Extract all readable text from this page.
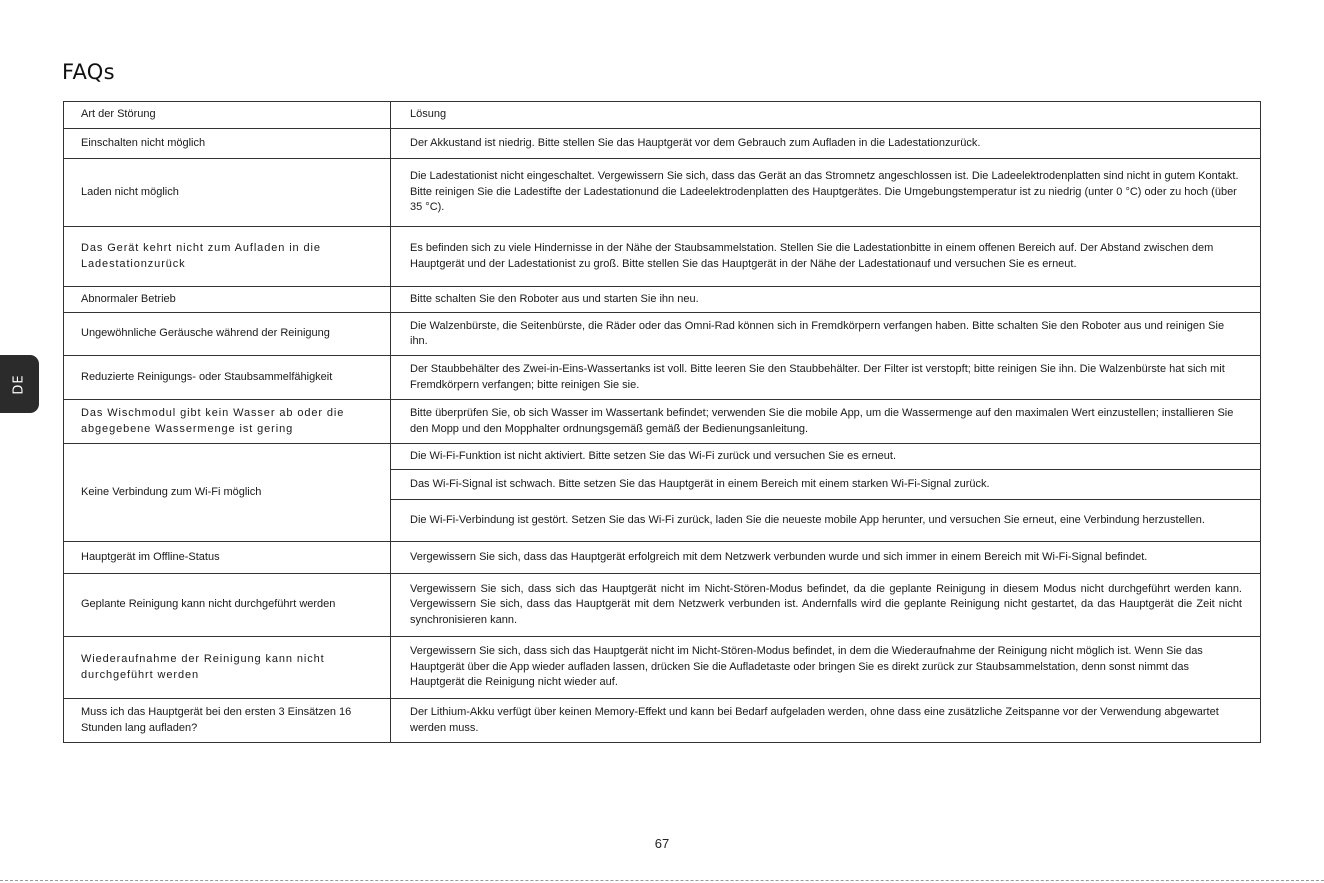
FAQs
DE
Art der Störung	Lösung
Einschalten nicht möglich	Der Akkustand ist niedrig. Bitte stellen Sie das Hauptgerät vor dem Gebrauch zum Aufladen in die Ladestationzurück.
Laden nicht möglich	Die Ladestationist nicht eingeschaltet. Vergewissern Sie sich, dass das Gerät an das Stromnetz angeschlossen ist. Die Ladeelektrodenplatten sind nicht in gutem Kontakt. Bitte reinigen Sie die Ladestifte der Ladestationund die Ladeelektrodenplatten des Hauptgerätes. Die Umgebungstemperatur ist zu niedrig (unter 0 °C) oder zu hoch (über 35 °C).
Das Gerät kehrt nicht zum Aufladen in die Ladestationzurück	Es befinden sich zu viele Hindernisse in der Nähe der Staubsammelstation. Stellen Sie die Ladestationbitte in einem offenen Bereich auf. Der Abstand zwischen dem Hauptgerät und der Ladestationist zu groß. Bitte stellen Sie das Hauptgerät in der Nähe der Ladestationauf und versuchen Sie es erneut.
Abnormaler Betrieb	Bitte schalten Sie den Roboter aus und starten Sie ihn neu.
Ungewöhnliche Geräusche während der Reinigung	Die Walzenbürste, die Seitenbürste, die Räder oder das Omni-Rad können sich in Fremdkörpern verfangen haben. Bitte schalten Sie den Roboter aus und reinigen Sie ihn.
Reduzierte Reinigungs- oder Staubsammelfähigkeit	Der Staubbehälter des Zwei-in-Eins-Wassertanks ist voll. Bitte leeren Sie den Staubbehälter. Der Filter ist verstopft; bitte reinigen Sie ihn. Die Walzenbürste hat sich mit Fremdkörpern verfangen; bitte reinigen Sie sie.
Das Wischmodul gibt kein Wasser ab oder die abgegebene Wassermenge ist gering	Bitte überprüfen Sie, ob sich Wasser im Wassertank befindet; verwenden Sie die mobile App, um die Wassermenge auf den maximalen Wert einzustellen; installieren Sie den Mopp und den Mopphalter ordnungsgemäß gemäß der Bedienungsanleitung.
Keine Verbindung zum Wi-Fi möglich	Die Wi-Fi-Funktion ist nicht aktiviert. Bitte setzen Sie das Wi-Fi zurück und versuchen Sie es erneut.
	Das Wi-Fi-Signal ist schwach. Bitte setzen Sie das Hauptgerät in einem Bereich mit einem starken Wi-Fi-Signal zurück.
	Die Wi-Fi-Verbindung ist gestört. Setzen Sie das Wi-Fi zurück, laden Sie die neueste mobile App herunter, und versuchen Sie erneut, eine Verbindung herzustellen.
Hauptgerät im Offline-Status	Vergewissern Sie sich, dass das Hauptgerät erfolgreich mit dem Netzwerk verbunden wurde und sich immer in einem Bereich mit Wi-Fi-Signal befindet.
Geplante Reinigung kann nicht durchgeführt werden	Vergewissern Sie sich, dass sich das Hauptgerät nicht im Nicht-Stören-Modus befindet, da die geplante Reinigung in diesem Modus nicht durchgeführt werden kann. Vergewissern Sie sich, dass das Hauptgerät mit dem Netzwerk verbunden ist. Andernfalls wird die geplante Reinigung nicht gestartet, da das Hauptgerät die Zeit nicht synchronisieren kann.
Wiederaufnahme der Reinigung kann nicht durchgeführt werden	Vergewissern Sie sich, dass sich das Hauptgerät nicht im Nicht-Stören-Modus befindet, in dem die Wiederaufnahme der Reinigung nicht möglich ist. Wenn Sie das Hauptgerät über die App wieder aufladen lassen, drücken Sie die Aufladetaste oder bringen Sie es direkt zurück zur Staubsammelstation, denn sonst nimmt das Hauptgerät die Reinigung nicht wieder auf.
Muss ich das Hauptgerät bei den ersten 3 Einsätzen 16 Stunden lang aufladen?	Der Lithium-Akku verfügt über keinen Memory-Effekt und kann bei Bedarf aufgeladen werden, ohne dass eine zusätzliche Zeitspanne vor der Verwendung abgewartet werden muss.
67
